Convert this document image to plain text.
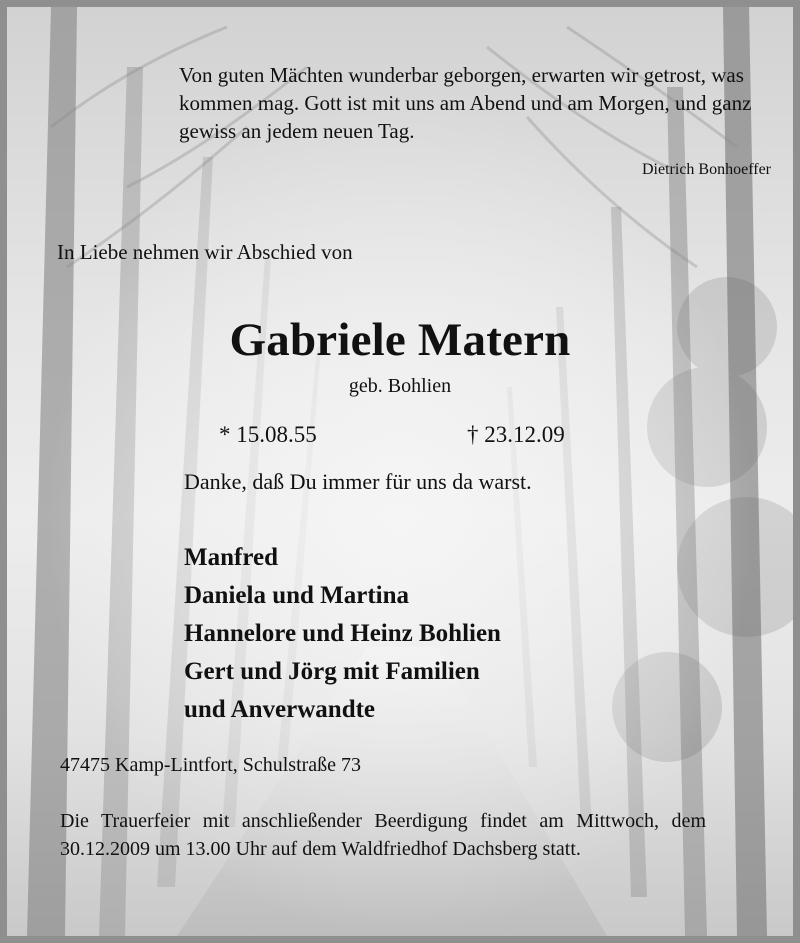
Von guten Mächten wunderbar geborgen, erwarten wir getrost, was kommen mag. Gott ist mit uns am Abend und am Morgen, und ganz gewiss an jedem neuen Tag.

Dietrich Bonhoeffer

In Liebe nehmen wir Abschied von

Gabriele Matern

geb. Bohlien

* 15.08.55	† 23.12.09

Danke, daß Du immer für uns da warst.

Manfred
Daniela und Martina
Hannelore und Heinz Bohlien
Gert und Jörg mit Familien
und Anverwandte

47475 Kamp-Lintfort, Schulstraße 73

Die Trauerfeier mit anschließender Beerdigung findet am Mittwoch, dem 30.12.2009 um 13.00 Uhr auf dem Waldfriedhof Dachsberg statt.
